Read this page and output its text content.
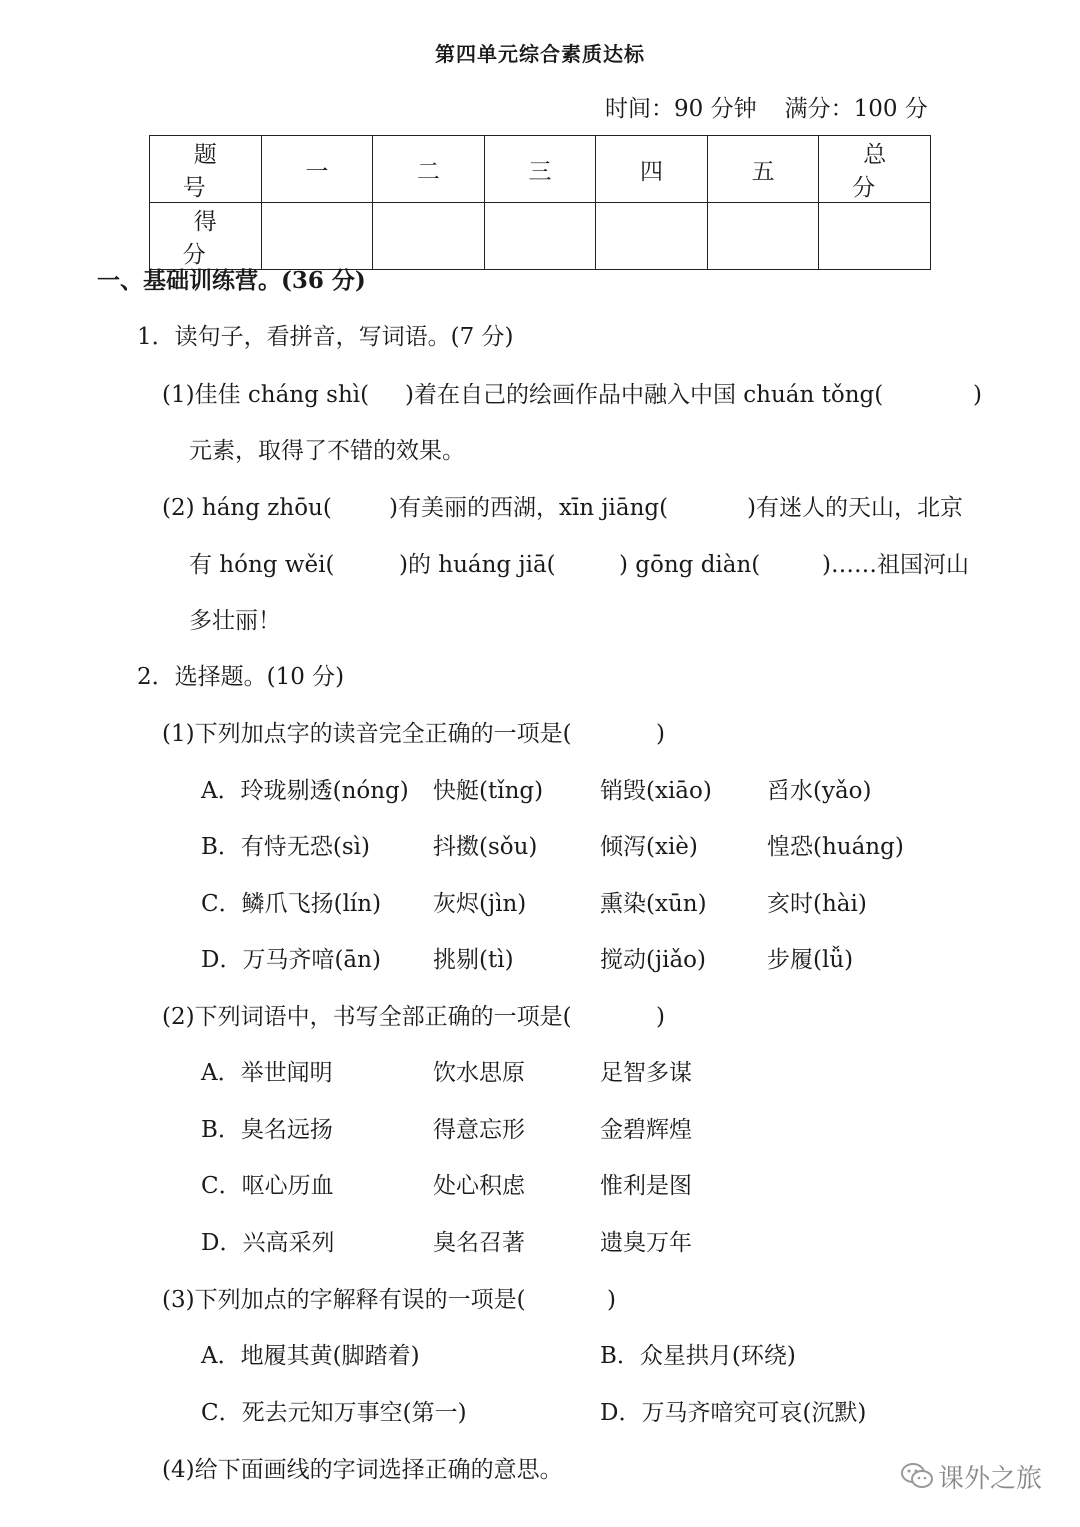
第四单元综合素质达标
时间：90 分钟 满分：100 分
题 号	一	二	三	四	五	总 分
得 分						
一、基础训练营。(36 分)
1．读句子，看拼音，写词语。(7 分)
(1)佳佳 cháng shì( )着在自己的绘画作品中融入中国 chuán tǒng(	)
元素，取得了不错的效果。
(2) háng zhōu( )有美丽的西湖，xīn jiāng(	)有迷人的天山，北京
有 hóng wěi(	)的 huáng jiā(	) gōng diàn(	)……祖国河山
多壮丽！
2．选择题。(10 分)
(1)下列加点字的读音完全正确的一项是(	)
A．玲珑剔透(nóng) 快艇(tǐng) 销毁(xiāo) 舀水(yǎo)
B．有恃无恐(sì)	抖擞(sǒu)	倾泻(xiè)	惶恐(huáng)
C．鳞爪飞扬(lín) 灰烬(jìn)	熏染(xūn)	亥时(hài)
D．万马齐喑(ān) 挑剔(tì)	搅动(jiǎo)	步履(lǚ)
(2)下列词语中，书写全部正确的一项是(	)
A．举世闻明	饮水思原	足智多谋
B．臭名远扬	得意忘形	金碧辉煌
C．呕心历血	处心积虑	惟利是图
D．兴高采列	臭名召著	遗臭万年
(3)下列加点的字解释有误的一项是(	)
A．地履其黄(脚踏着)	B．众星拱月(环绕)
C．死去元知万事空(第一)	D．万马齐喑究可哀(沉默)
(4)给下面画线的字词选择正确的意思。	课外之旅
